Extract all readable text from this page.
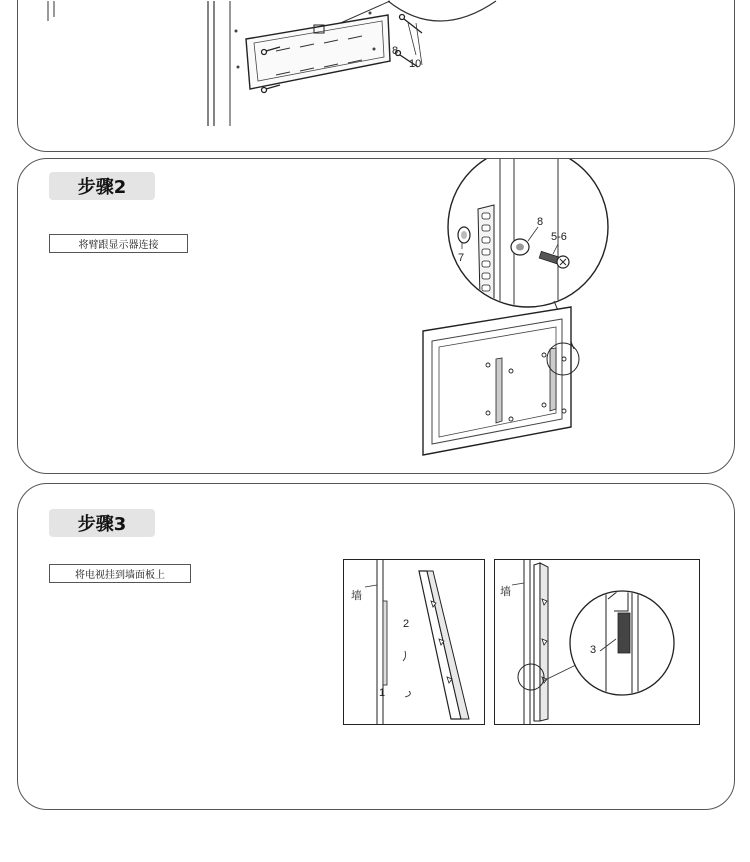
8
10
步骤2
将臂跟显示器连接
7
8
5-6
步骤3
将电视挂到墙面板上
墙
2
1
墙
3
